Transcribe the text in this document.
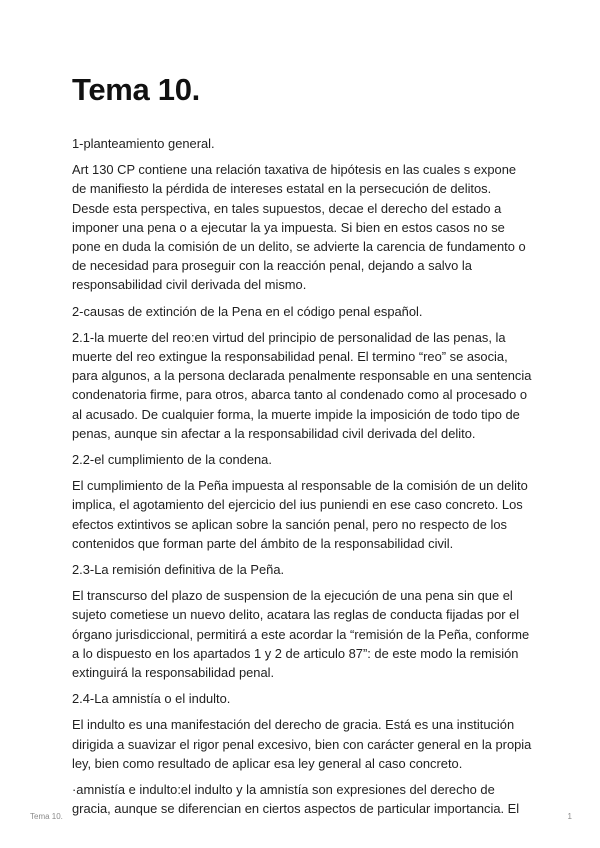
Tema 10.

1-planteamiento general.

Art 130 CP contiene una relación taxativa de hipótesis en las cuales s expone de manifiesto la pérdida de intereses estatal en la persecución de delitos. Desde esta perspectiva, en tales supuestos, decae el derecho del estado a imponer una pena o a ejecutar la ya impuesta. Si bien en estos casos no se pone en duda la comisión de un delito, se advierte la carencia de fundamento o de necesidad para proseguir con la reacción penal, dejando a salvo la responsabilidad civil derivada del mismo.

2-causas de extinción de la Pena en el código penal español.

2.1-la muerte del reo:en virtud del principio de personalidad de las penas, la muerte del reo extingue la responsabilidad penal. El termino “reo” se asocia, para algunos, a la persona declarada penalmente responsable en una sentencia condenatoria firme, para otros, abarca tanto al condenado como al procesado o al acusado. De cualquier forma, la muerte impide la imposición de todo tipo de penas, aunque sin afectar a la responsabilidad civil derivada del delito.

2.2-el cumplimiento de la condena.

El cumplimiento de la Peña impuesta al responsable de la comisión de un delito implica, el agotamiento del ejercicio del ius puniendi en ese caso concreto. Los efectos extintivos se aplican sobre la sanción penal, pero no respecto de los contenidos que forman parte del ámbito de la responsabilidad civil.

2.3-La remisión definitiva de la Peña.

El transcurso del plazo de suspension de la ejecución de una pena sin que el sujeto cometiese un nuevo delito, acatara las reglas de conducta fijadas por el órgano jurisdiccional, permitirá a este acordar la “remisión de la Peña, conforme a lo dispuesto en los apartados 1 y 2 de articulo 87”: de este modo la remisión extinguirá la responsabilidad penal.

2.4-La amnistía o el indulto.

El indulto es una manifestación del derecho de gracia. Está es una institución dirigida a suavizar el rigor penal excesivo, bien con carácter general en la propia ley, bien como resultado de aplicar esa ley general al caso concreto.

·amnistía e indulto:el indulto y la amnistía son expresiones del derecho de gracia, aunque se diferencian en ciertos aspectos de particular importancia. El

Tema 10.	1
